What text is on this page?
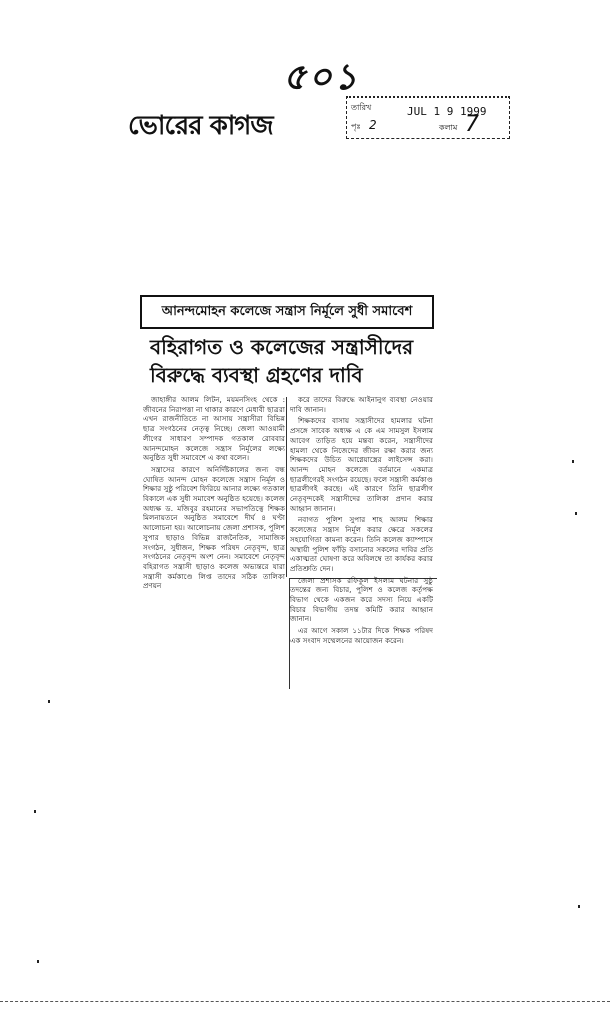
৫০১
ভোরের কাগজ
তারিখ	JUL 1 9 1999
পৃঃ 2	কলাম 7
আনন্দমোহন কলেজে সন্ত্রাস নির্মূলে সুধী সমাবেশ
বহিরাগত ও কলেজের সন্ত্রাসীদের
বিরুদ্ধে ব্যবস্থা গ্রহণের দাবি

জাহাঙ্গীর আলম লিটন, ময়মনসিংহ থেকে : জীবনের নিরাপত্তা না থাকার কারণে মেধাবী ছাত্ররা এখন রাজনীতিতে না আসায় সন্ত্রাসীরা বিভিন্ন ছাত্র সংগঠনের নেতৃত্ব নিচ্ছে। জেলা আওয়ামী লীগের সাধারণ সম্পাদক গতকাল রোববার আনন্দমোহন কলেজে সন্ত্রাস নির্মূলের লক্ষ্যে অনুষ্ঠিত সুধী সমাবেশে এ কথা বলেন।

সন্ত্রাসের কারণে অনির্দিষ্টকালের জন্য বন্ধ ঘোষিত আনন্দ মোহন কলেজে সন্ত্রাস নির্মূল ও শিক্ষার সুষ্ঠু পরিবেশ ফিরিয়ে আনার লক্ষ্যে গতকাল বিকালে এক সুধী সমাবেশ অনুষ্ঠিত হয়েছে। কলেজ অধ্যক্ষ ড. মজিবুর রহমানের সভাপতিত্বে শিক্ষক মিলনায়তনে অনুষ্ঠিত সমাবেশে দীর্ঘ ৪ ঘণ্টা আলোচনা হয়। আলোচনায় জেলা প্রশাসক, পুলিশ সুপার ছাড়াও বিভিন্ন রাজনৈতিক, সামাজিক সংগঠন, সুধীজন, শিক্ষক পরিষদ নেতৃবৃন্দ, ছাত্র সংগঠনের নেতৃবৃন্দ অংশ নেন। সমাবেশে নেতৃবৃন্দ বহিরাগত সন্ত্রাসী ছাড়াও কলেজ অভ্যন্তরে যারা সন্ত্রাসী কর্মকাণ্ডে লিপ্ত তাদের সঠিক তালিকা প্রণয়ন

করে তাদের বিরুদ্ধে আইনানুগ ব্যবস্থা নেওয়ার দাবি জানান।

শিক্ষকদের বাসায় সন্ত্রাসীদের হামলার ঘটনা প্রসঙ্গে সাবেক অধ্যক্ষ এ কে এম সামসুল ইসলাম আবেগ তাড়িত হয়ে মন্তব্য করেন, সন্ত্রাসীদের হামলা থেকে নিজেদের জীবন রক্ষা করার জন্য শিক্ষকদের উচিত আগ্নেয়াস্ত্রের লাইসেন্স করা। আনন্দ মোহন কলেজে বর্তমানে একমাত্র ছাত্রলীগেরই সংগঠন রয়েছে। ফলে সন্ত্রাসী কর্মকাণ্ড ছাত্রলীগই করছে। এই কারণে তিনি ছাত্রলীগ নেতৃবৃন্দকেই সন্ত্রাসীদের তালিকা প্রদান করার আহ্বান জানান।

নবাগত পুলিশ সুপার শাহ আলম শিক্ষার কলেজের সন্ত্রাস নির্মূল করার ক্ষেত্রে সকলের সহযোগিতা কামনা করেন। তিনি কলেজ ক্যাম্পাসে অস্থায়ী পুলিশ ফাঁড়ি বসানোর সকলের দাবির প্রতি একাত্মতা ঘোষণা করে অবিলম্বে তা কার্যকর করার প্রতিশ্রুতি দেন।

জেলা প্রশাসক রফিকুল ইসলাম ঘটনার সুষ্ঠু তদন্তের জন্য বিচার, পুলিশ ও কলেজ কর্তৃপক্ষ বিভাগ থেকে একজন করে সদস্য নিয়ে একটি বিচার বিভাগীয় তদন্ত কমিটি করার আহ্বান জানান।

এর আগে সকাল ১১টার দিকে শিক্ষক পরিষদ এক সংবাদ সম্মেলনের আয়োজন করেন।
